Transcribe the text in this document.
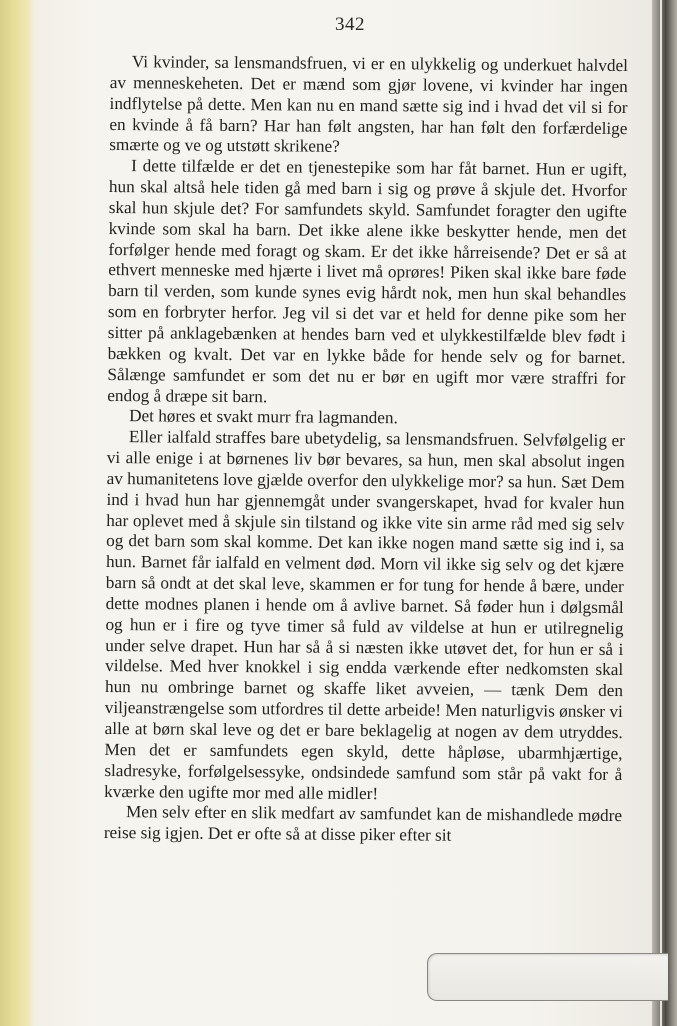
342

Vi kvinder, sa lensmandsfruen, vi er en ulykkelig og underkuet halvdel av menneskeheten. Det er mænd som gjør lovene, vi kvinder har ingen indflytelse på dette. Men kan nu en mand sætte sig ind i hvad det vil si for en kvinde å få barn? Har han følt angsten, har han følt den forfærdelige smærte og ve og utstøtt skrikene?

I dette tilfælde er det en tjenestepike som har fåt barnet. Hun er ugift, hun skal altså hele tiden gå med barn i sig og prøve å skjule det. Hvorfor skal hun skjule det? For samfundets skyld. Samfundet foragter den ugifte kvinde som skal ha barn. Det ikke alene ikke beskytter hende, men det forfølger hende med foragt og skam. Er det ikke hårreisende? Det er så at ethvert menneske med hjærte i livet må oprøres! Piken skal ikke bare føde barn til verden, som kunde synes evig hårdt nok, men hun skal behandles som en forbryter herfor. Jeg vil si det var et held for denne pike som her sitter på anklagebænken at hendes barn ved et ulykkestilfælde blev født i bækken og kvalt. Det var en lykke både for hende selv og for barnet. Sålænge samfundet er som det nu er bør en ugift mor være straffri for endog å dræpe sit barn.

Det høres et svakt murr fra lagmanden.

Eller ialfald straffes bare ubetydelig, sa lensmandsfruen. Selvfølgelig er vi alle enige i at børnenes liv bør bevares, sa hun, men skal absolut ingen av humanitetens love gjælde overfor den ulykkelige mor? sa hun. Sæt Dem ind i hvad hun har gjennemgåt under svangerskapet, hvad for kvaler hun har oplevet med å skjule sin tilstand og ikke vite sin arme råd med sig selv og det barn som skal komme. Det kan ikke nogen mand sætte sig ind i, sa hun. Barnet får ialfald en velment død. Morn vil ikke sig selv og det kjære barn så ondt at det skal leve, skammen er for tung for hende å bære, under dette modnes planen i hende om å avlive barnet. Så føder hun i dølgsmål og hun er i fire og tyve timer så fuld av vildelse at hun er utilregnelig under selve drapet. Hun har så å si næsten ikke utøvet det, for hun er så i vildelse. Med hver knokkel i sig endda værkende efter nedkomsten skal hun nu ombringe barnet og skaffe liket avveien, — tænk Dem den viljeanstrængelse som utfordres til dette arbeide! Men naturligvis ønsker vi alle at børn skal leve og det er bare beklagelig at nogen av dem utryddes. Men det er samfundets egen skyld, dette håpløse, ubarmhjærtige, sladresyke, forfølgelsessyke, ondsindede samfund som står på vakt for å kværke den ugifte mor med alle midler!

Men selv efter en slik medfart av samfundet kan de mishandlede mødre reise sig igjen. Det er ofte så at disse piker efter sit
